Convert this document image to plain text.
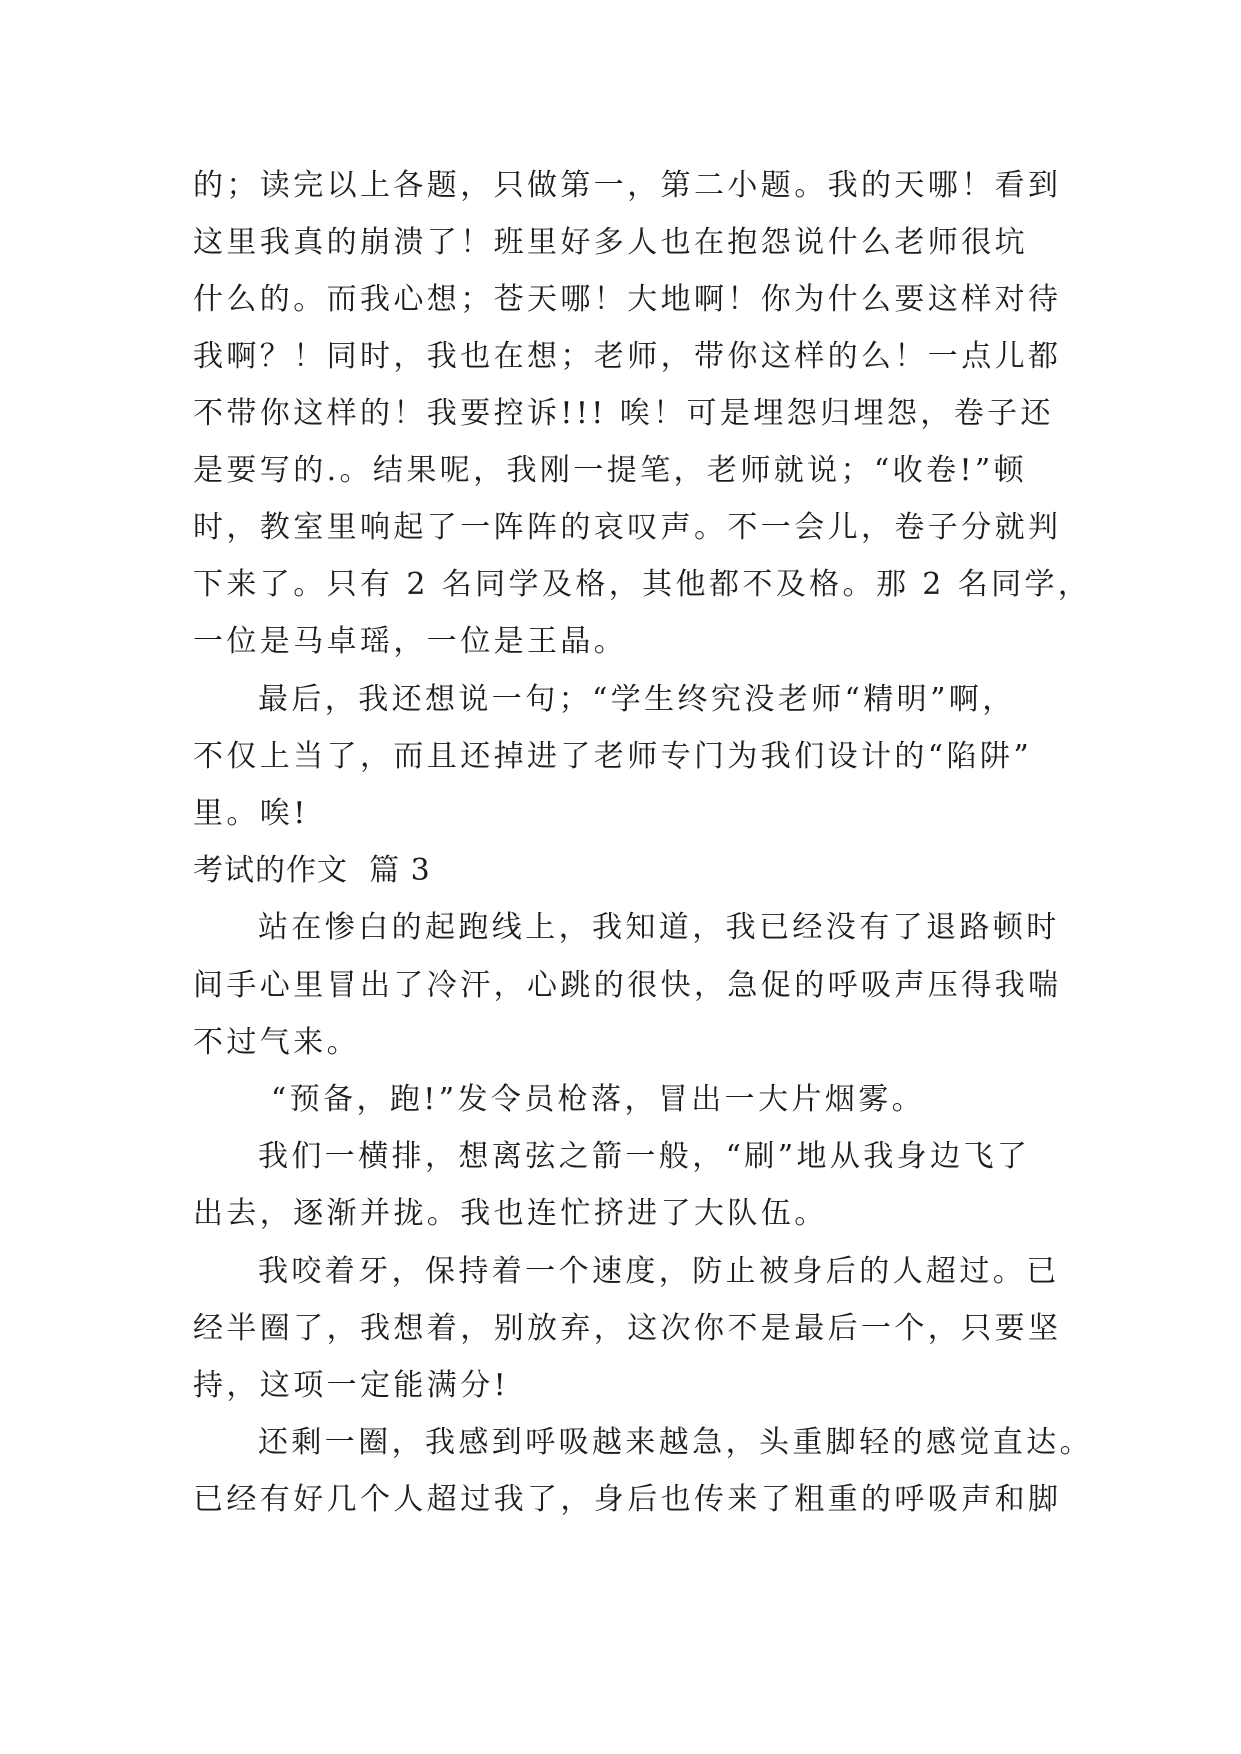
的；读完以上各题，只做第一，第二小题。我的天哪！看到

这里我真的崩溃了！班里好多人也在抱怨说什么老师很坑

什么的。而我心想；苍天哪！大地啊！你为什么要这样对待

我啊？！同时，我也在想；老师，带你这样的么！一点儿都

不带你这样的！我要控诉!!! 唉！可是埋怨归埋怨，卷子还

是要写的.。结果呢，我刚一提笔，老师就说；“收卷!”顿

时，教室里响起了一阵阵的哀叹声。不一会儿，卷子分就判

下来了。只有 2 名同学及格，其他都不及格。那 2 名同学，

一位是马卓瑶，一位是王晶。

最后，我还想说一句；“学生终究没老师“精明”啊，

不仅上当了，而且还掉进了老师专门为我们设计的“陷阱”

里。唉!

考试的作文  篇 3

站在惨白的起跑线上，我知道，我已经没有了退路顿时

间手心里冒出了冷汗，心跳的很快，急促的呼吸声压得我喘

不过气来。

“预备，跑!”发令员枪落，冒出一大片烟雾。

我们一横排，想离弦之箭一般，“刷”地从我身边飞了

出去，逐渐并拢。我也连忙挤进了大队伍。

我咬着牙，保持着一个速度，防止被身后的人超过。已

经半圈了，我想着，别放弃，这次你不是最后一个，只要坚

持，这项一定能满分!

还剩一圈，我感到呼吸越来越急，头重脚轻的感觉直达。

已经有好几个人超过我了，身后也传来了粗重的呼吸声和脚
